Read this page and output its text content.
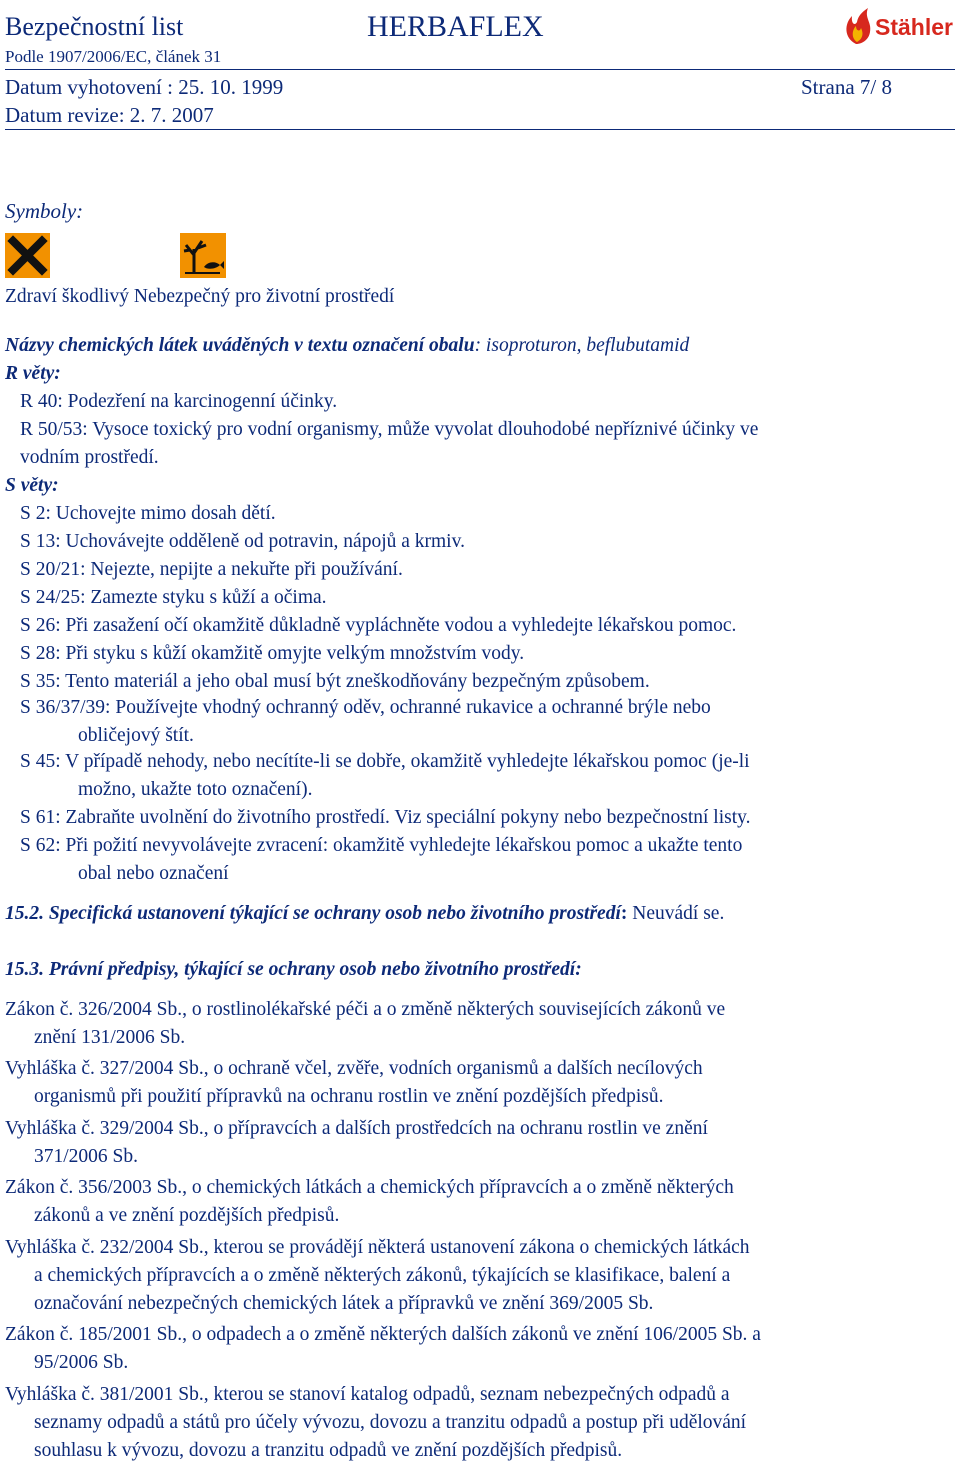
Bezpečnostní list	HERBAFLEX	Stähler
Podle 1907/2006/EC, článek 31
Datum vyhotovení : 25. 10. 1999	Strana 7/ 8
Datum revize: 2. 7. 2007
Symboly:
Zdraví škodlivý Nebezpečný pro životní prostředí
Názvy chemických látek uváděných v textu označení obalu: isoproturon, beflubutamid
R věty:
R 40: Podezření na karcinogenní účinky.
R 50/53: Vysoce toxický pro vodní organismy, může vyvolat dlouhodobé nepříznivé účinky ve
vodním prostředí.
S věty:
S 2: Uchovejte mimo dosah dětí.
S 13: Uchovávejte odděleně od potravin, nápojů a krmiv.
S 20/21: Nejezte, nepijte a nekuřte při používání.
S 24/25: Zamezte styku s kůží a očima.
S 26: Při zasažení očí okamžitě důkladně vypláchněte vodou a vyhledejte lékařskou pomoc.
S 28: Při styku s kůží okamžitě omyjte velkým množstvím vody.
S 35: Tento materiál a jeho obal musí být zneškodňovány bezpečným způsobem.
S 36/37/39: Používejte vhodný ochranný oděv, ochranné rukavice a ochranné brýle nebo
obličejový štít.
S 45: V případě nehody, nebo necítíte-li se dobře, okamžitě vyhledejte lékařskou pomoc (je-li
možno, ukažte toto označení).
S 61: Zabraňte uvolnění do životního prostředí. Viz speciální pokyny nebo bezpečnostní listy.
S 62: Při požití nevyvolávejte zvracení: okamžitě vyhledejte lékařskou pomoc a ukažte tento
obal nebo označení
15.2. Specifická ustanovení týkající se ochrany osob nebo životního prostředí: Neuvádí se.
15.3. Právní předpisy, týkající se ochrany osob nebo životního prostředí:
Zákon č. 326/2004 Sb., o rostlinolékařské péči a o změně některých souvisejících zákonů ve
znění 131/2006 Sb.
Vyhláška č. 327/2004 Sb., o ochraně včel, zvěře, vodních organismů a dalších necílových
organismů při použití přípravků na ochranu rostlin ve znění pozdějších předpisů.
Vyhláška č. 329/2004 Sb., o přípravcích a dalších prostředcích na ochranu rostlin ve znění
371/2006 Sb.
Zákon č. 356/2003 Sb., o chemických látkách a chemických přípravcích a o změně některých
zákonů a ve znění pozdějších předpisů.
Vyhláška č. 232/2004 Sb., kterou se provádějí některá ustanovení zákona o chemických látkách
a chemických přípravcích a o změně některých zákonů, týkajících se klasifikace, balení a
označování nebezpečných chemických látek a přípravků ve znění 369/2005 Sb.
Zákon č. 185/2001 Sb., o odpadech a o změně některých dalších zákonů ve znění 106/2005 Sb. a
95/2006 Sb.
Vyhláška č. 381/2001 Sb., kterou se stanoví katalog odpadů, seznam nebezpečných odpadů a
seznamy odpadů a států pro účely vývozu, dovozu a tranzitu odpadů a postup při udělování
souhlasu k vývozu, dovozu a tranzitu odpadů ve znění pozdějších předpisů.
